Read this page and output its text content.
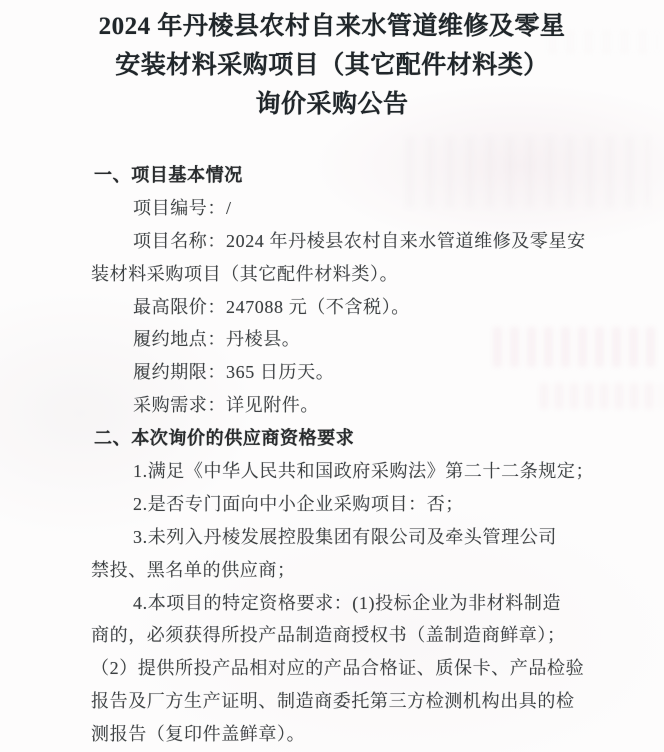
2024 年丹棱县农村自来水管道维修及零星
安装材料采购项目（其它配件材料类）
询价采购公告
一、项目基本情况
项目编号：/
项目名称：2024 年丹棱县农村自来水管道维修及零星安
装材料采购项目（其它配件材料类）。
最高限价：247088 元（不含税）。
履约地点：丹棱县。
履约期限：365 日历天。
采购需求：详见附件。
二、本次询价的供应商资格要求
1.满足《中华人民共和国政府采购法》第二十二条规定；
2.是否专门面向中小企业采购项目：否；
3.未列入丹棱发展控股集团有限公司及牵头管理公司
禁投、黑名单的供应商；
4.本项目的特定资格要求：(1)投标企业为非材料制造
商的，必须获得所投产品制造商授权书（盖制造商鲜章）；
（2）提供所投产品相对应的产品合格证、质保卡、产品检验
报告及厂方生产证明、制造商委托第三方检测机构出具的检
测报告（复印件盖鲜章）。
